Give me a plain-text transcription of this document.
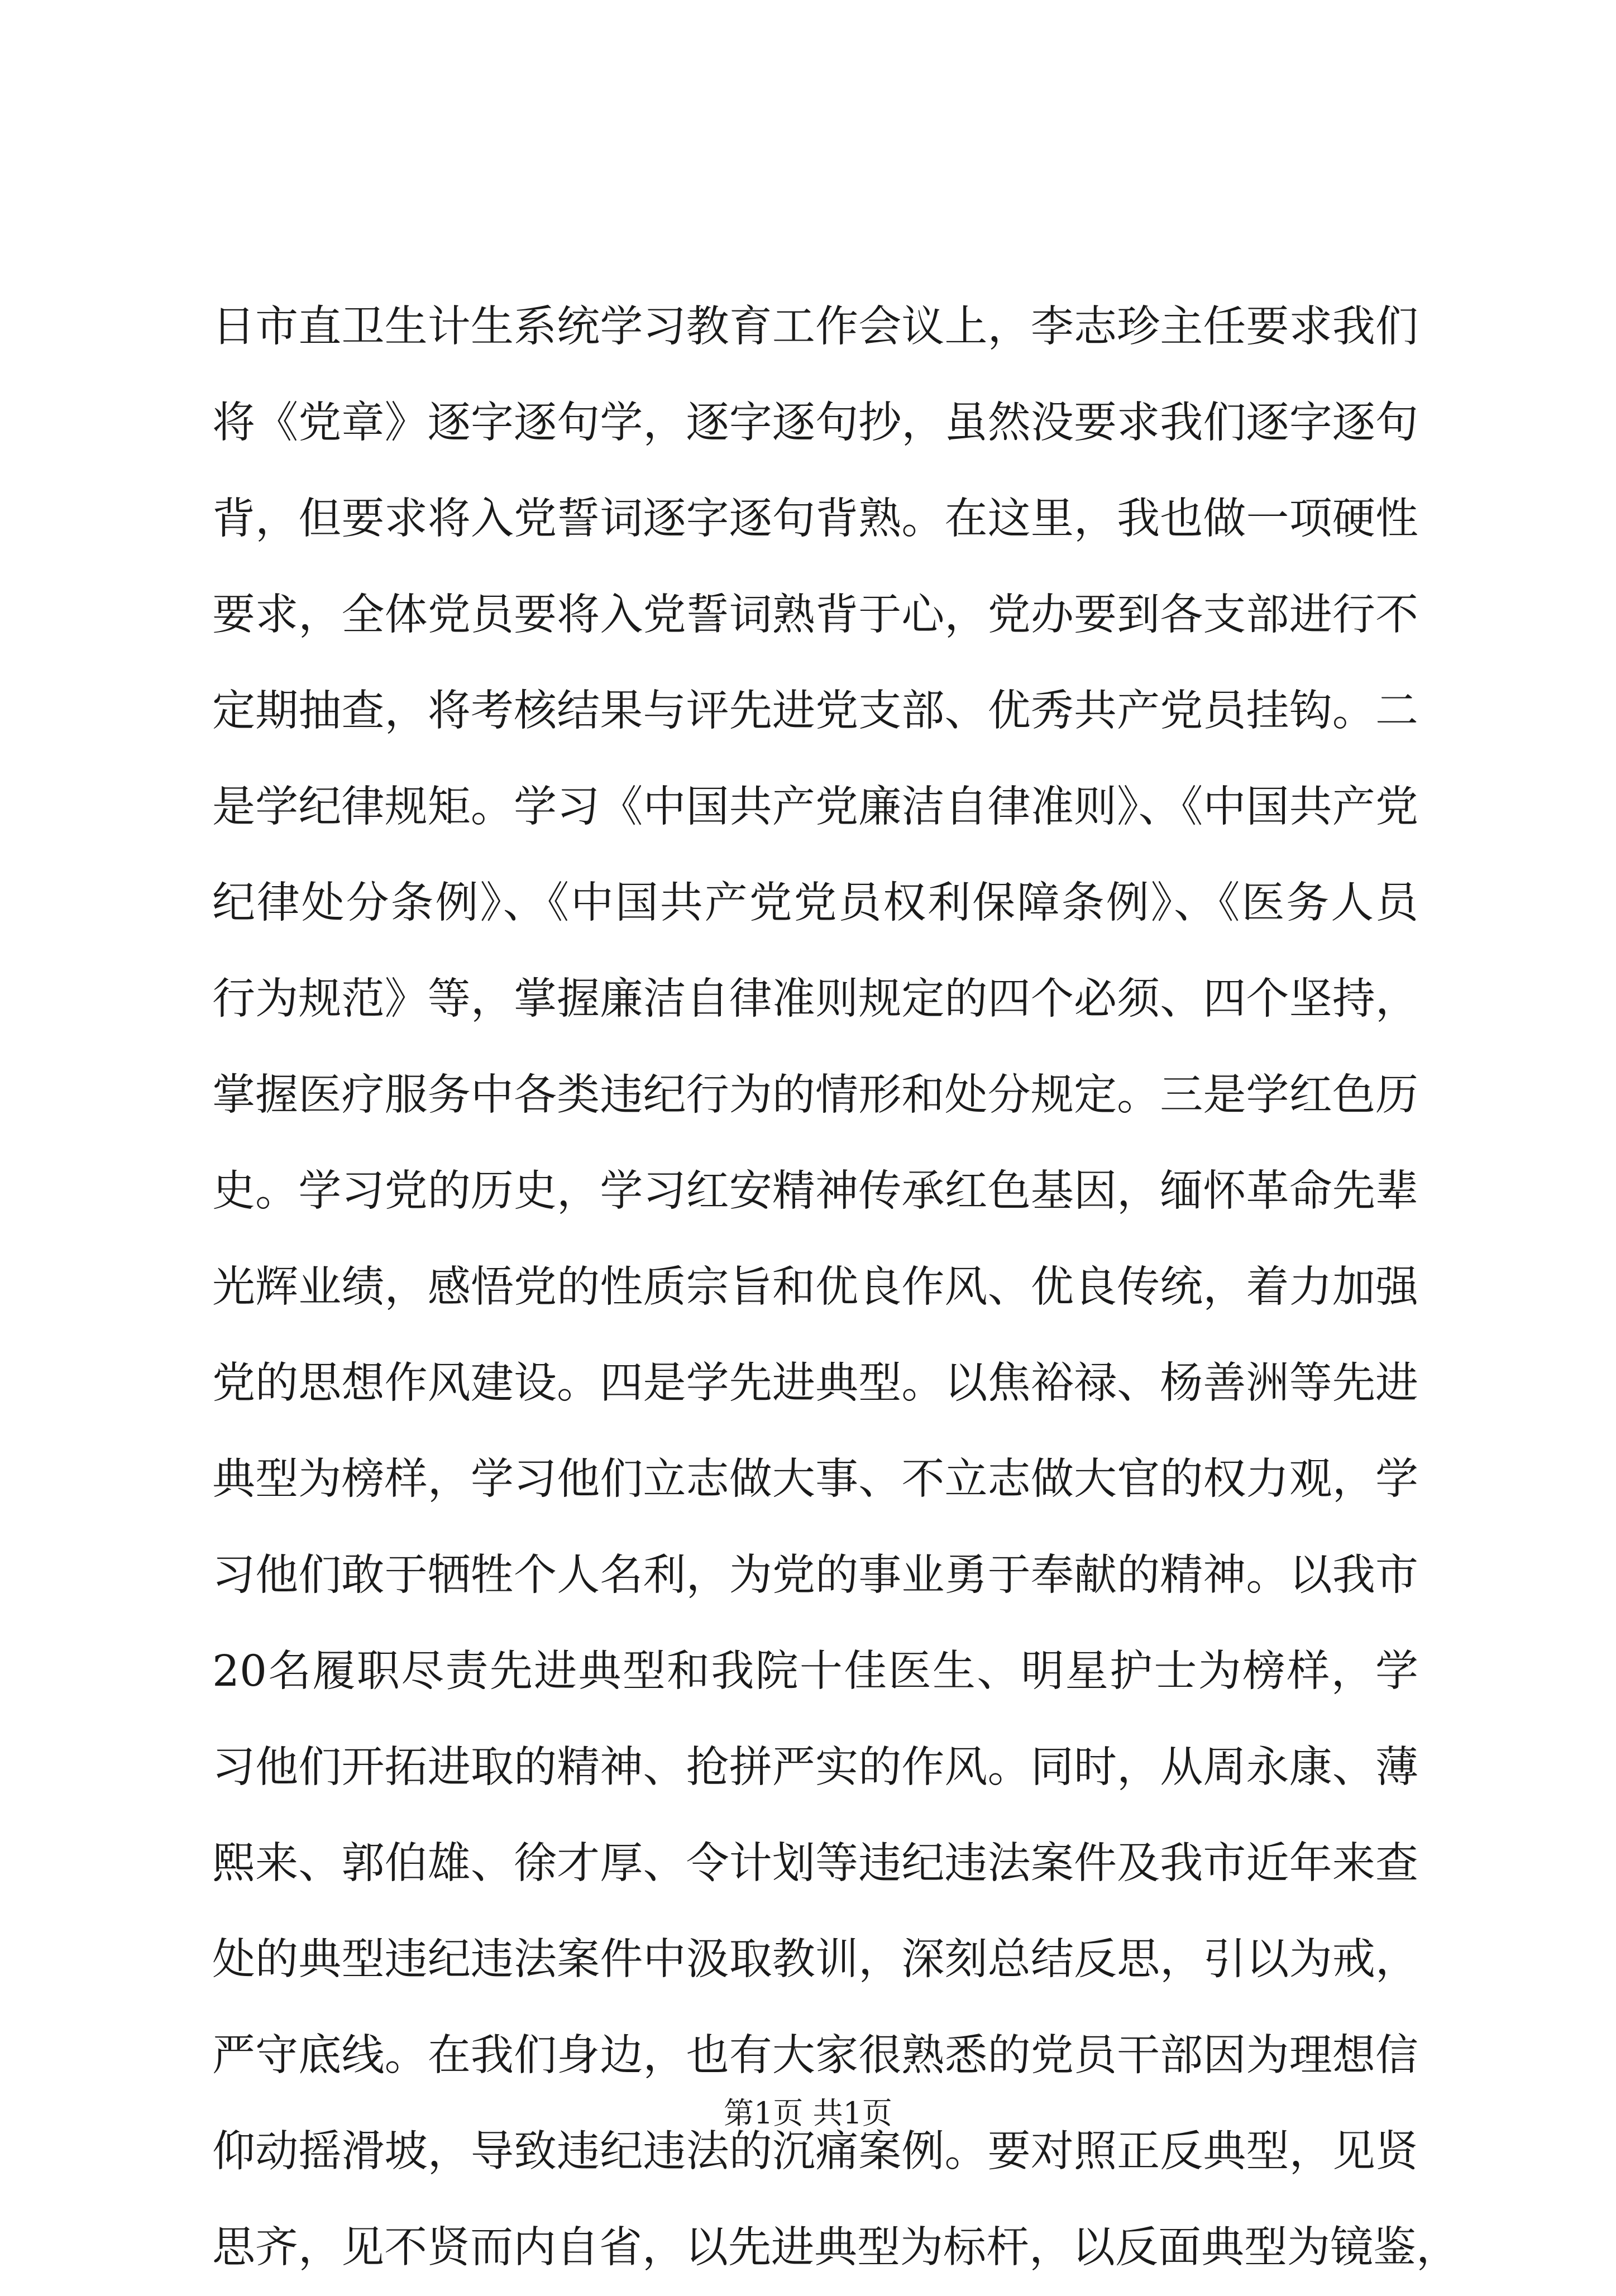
日市直卫生计生系统学习教育工作会议上，李志珍主任要求我们
将《党章》逐字逐句学，逐字逐句抄，虽然没要求我们逐字逐句
背，但要求将入党誓词逐字逐句背熟。在这里，我也做一项硬性
要求，全体党员要将入党誓词熟背于心，党办要到各支部进行不
定期抽查，将考核结果与评先进党支部、优秀共产党员挂钩。二
是学纪律规矩。学习《中国共产党廉洁自律准则》、《中国共产党
纪律处分条例》、《中国共产党党员权利保障条例》、《医务人员
行为规范》等，掌握廉洁自律准则规定的四个必须、四个坚持，
掌握医疗服务中各类违纪行为的情形和处分规定。三是学红色历
史。学习党的历史，学习红安精神传承红色基因，缅怀革命先辈
光辉业绩，感悟党的性质宗旨和优良作风、优良传统，着力加强
党的思想作风建设。四是学先进典型。以焦裕禄、杨善洲等先进
典型为榜样，学习他们立志做大事、不立志做大官的权力观，学
习他们敢于牺牲个人名利，为党的事业勇于奉献的精神。以我市
20名履职尽责先进典型和我院十佳医生、明星护士为榜样，学
习他们开拓进取的精神、抢拼严实的作风。同时，从周永康、薄
熙来、郭伯雄、徐才厚、令计划等违纪违法案件及我市近年来查
处的典型违纪违法案件中汲取教训，深刻总结反思，引以为戒，
严守底线。在我们身边，也有大家很熟悉的党员干部因为理想信
仰动摇滑坡，导致违纪违法的沉痛案例。要对照正反典型，见贤
思齐，见不贤而内自省，以先进典型为标杆，以反面典型为镜鉴，
第1页 共1页
